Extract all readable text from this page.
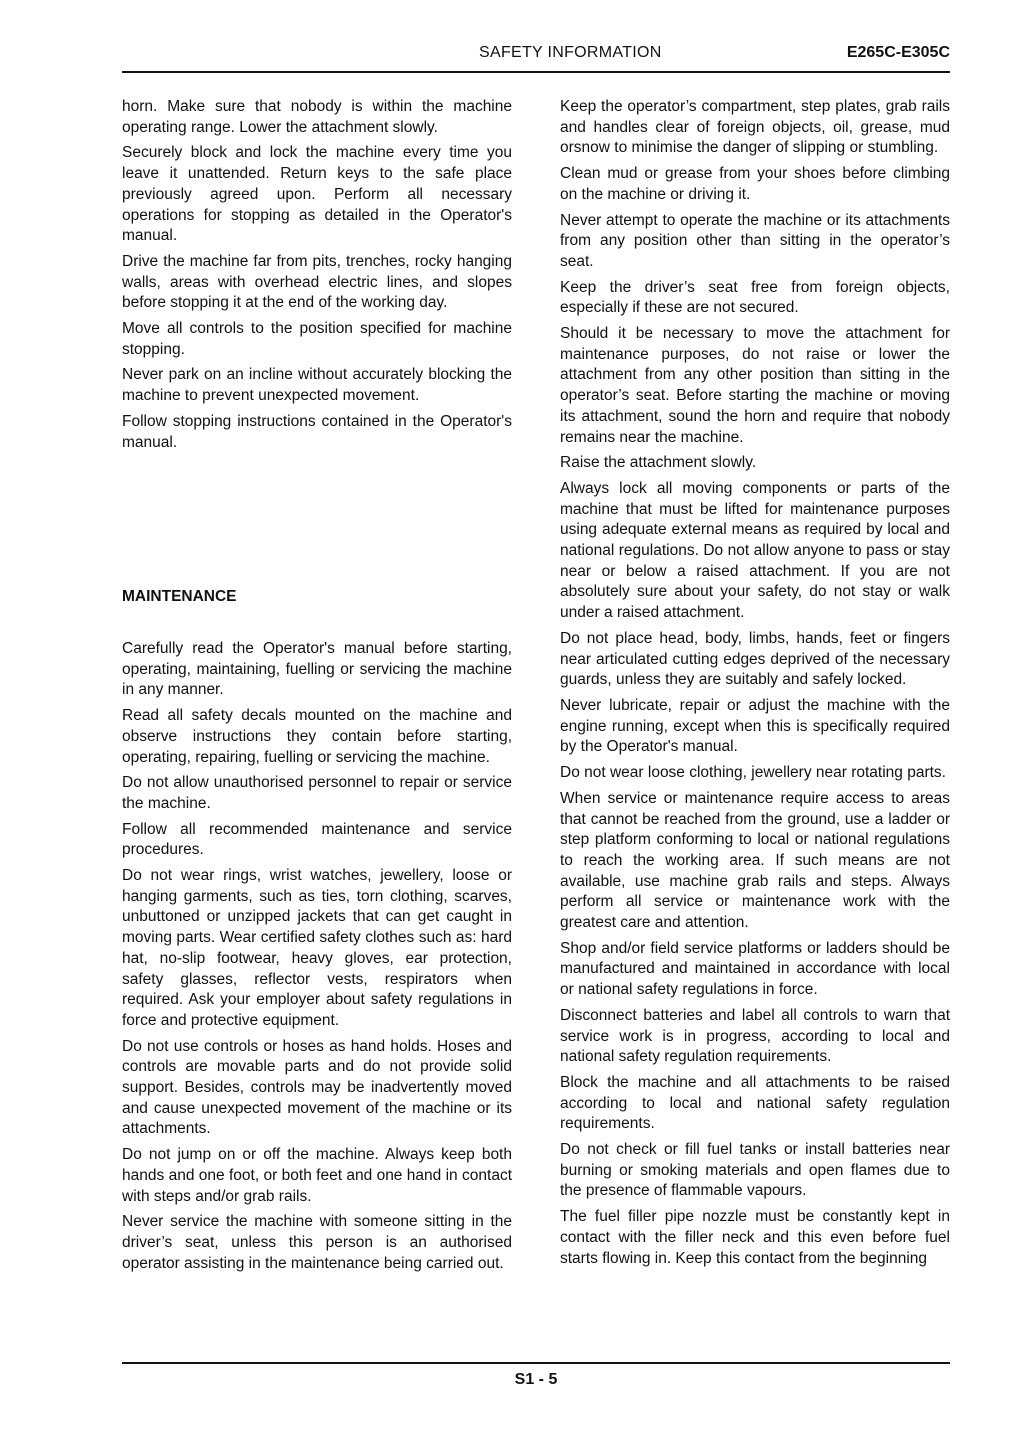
SAFETY INFORMATION	E265C-E305C

horn. Make sure that nobody is within the machine operating range. Lower the attachment slowly.

Securely block and lock the machine every time you leave it unattended. Return keys to the safe place previously agreed upon. Perform all necessary operations for stopping as detailed in the Operator's manual.

Drive the machine far from pits, trenches, rocky hanging walls, areas with overhead electric lines, and slopes before stopping it at the end of the working day.

Move all controls to the position specified for machine stopping.

Never park on an incline without accurately blocking the machine to prevent unexpected movement.

Follow stopping instructions contained in the Operator's manual.

MAINTENANCE

Carefully read the Operator's manual before starting, operating, maintaining, fuelling or servicing the machine in any manner.

Read all safety decals mounted on the machine and observe instructions they contain before starting, operating, repairing, fuelling or servicing the machine.

Do not allow unauthorised personnel to repair or service the machine.

Follow all recommended maintenance and service procedures.

Do not wear rings, wrist watches, jewellery, loose or hanging garments, such as ties, torn clothing, scarves, unbuttoned or unzipped jackets that can get caught in moving parts. Wear certified safety clothes such as: hard hat, no-slip footwear, heavy gloves, ear protection, safety glasses, reflector vests, respirators when required. Ask your employer about safety regulations in force and protective equipment.

Do not use controls or hoses as hand holds. Hoses and controls are movable parts and do not provide solid support. Besides, controls may be inadvertently moved and cause unexpected movement of the machine or its attachments.

Do not jump on or off the machine. Always keep both hands and one foot, or both feet and one hand in contact with steps and/or grab rails.

Never service the machine with someone sitting in the driver’s seat, unless this person is an authorised operator assisting in the maintenance being carried out.

Keep the operator’s compartment, step plates, grab rails and handles clear of foreign objects, oil, grease, mud orsnow to minimise the danger of slipping or stumbling.

Clean mud or grease from your shoes before climbing on the machine or driving it.

Never attempt to operate the machine or its attachments from any position other than sitting in the operator’s seat.

Keep the driver’s seat free from foreign objects, especially if these are not secured.

Should it be necessary to move the attachment for maintenance purposes, do not raise or lower the attachment from any other position than sitting in the operator’s seat. Before starting the machine or moving its attachment, sound the horn and require that nobody remains near the machine.

Raise the attachment slowly.

Always lock all moving components or parts of the machine that must be lifted for maintenance purposes using adequate external means as required by local and national regulations. Do not allow anyone to pass or stay near or below a raised attachment. If you are not absolutely sure about your safety, do not stay or walk under a raised attachment.

Do not place head, body, limbs, hands, feet or fingers near articulated cutting edges deprived of the necessary guards, unless they are suitably and safely locked.

Never lubricate, repair or adjust the machine with the engine running, except when this is specifically required by the Operator's manual.

Do not wear loose clothing, jewellery near rotating parts.

When service or maintenance require access to areas that cannot be reached from the ground, use a ladder or step platform conforming to local or national regulations to reach the working area. If such means are not available, use machine grab rails and steps. Always perform all service or maintenance work with the greatest care and attention.

Shop and/or field service platforms or ladders should be manufactured and maintained in accordance with local or national safety regulations in force.

Disconnect batteries and label all controls to warn that service work is in progress, according to local and national safety regulation requirements.

Block the machine and all attachments to be raised according to local and national safety regulation requirements.

Do not check or fill fuel tanks or install batteries near burning or smoking materials and open flames due to the presence of flammable vapours.

The fuel filler pipe nozzle must be constantly kept in contact with the filler neck and this even before fuel starts flowing in. Keep this contact from the beginning

S1 - 5
